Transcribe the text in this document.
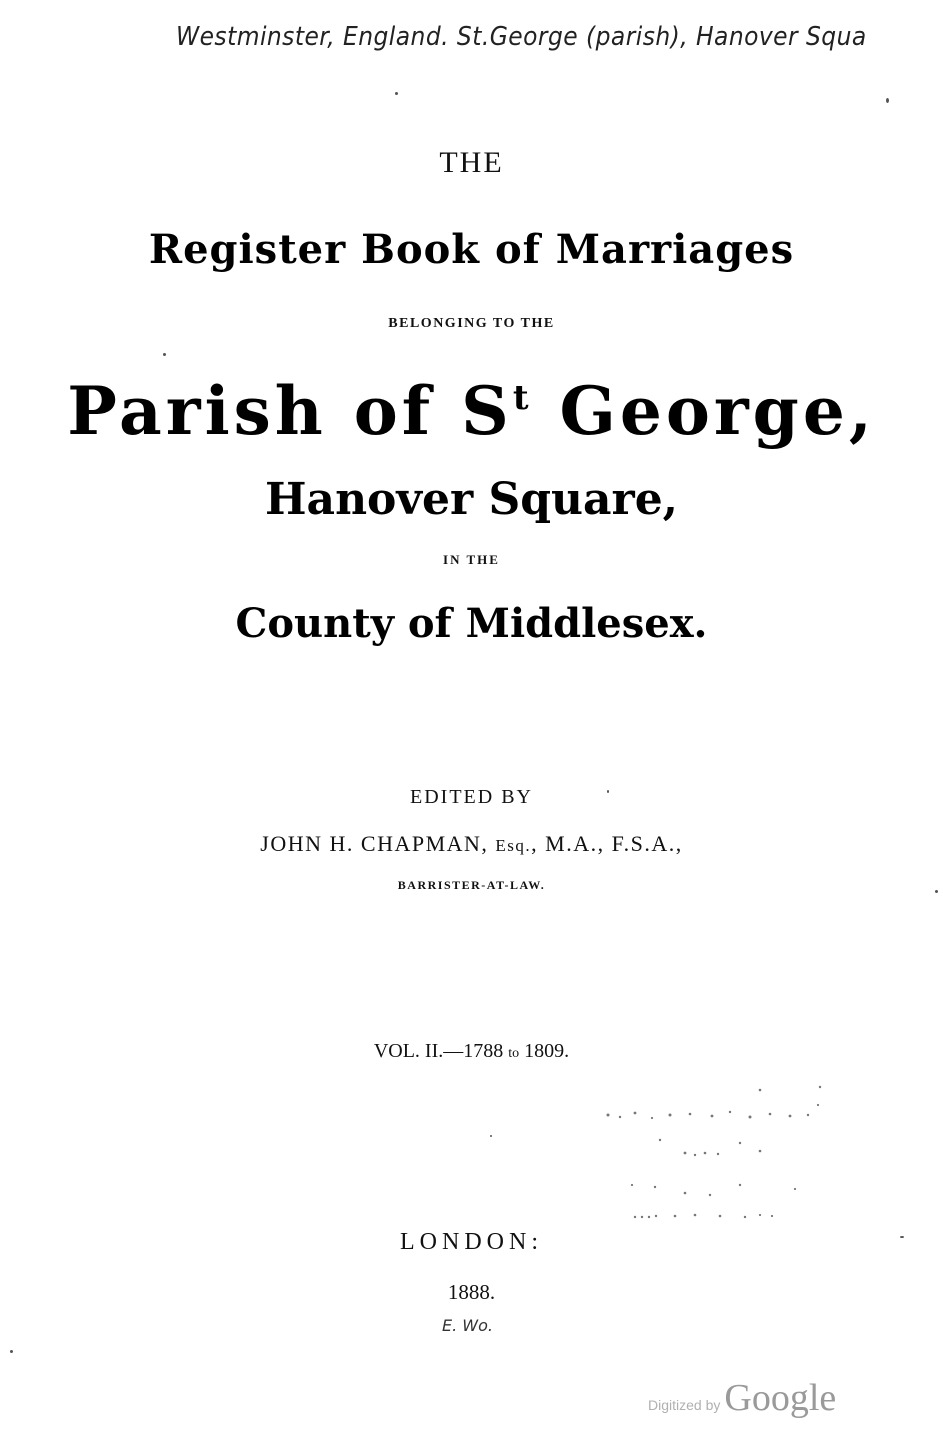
Westminster, England. St.George (parish), Hanover Squa
THE
Register Book of Marriages
BELONGING TO THE
Parish of $S^t$ George,
Hanover Square,
IN THE
County of Middlesex.
EDITED BY
JOHN H. CHAPMAN, Esq., M.A., F.S.A.,
BARRISTER-AT-LAW.
VOL. II.—1788 to 1809.
LONDON:
1888.
E. Wo.
Digitized by Google
